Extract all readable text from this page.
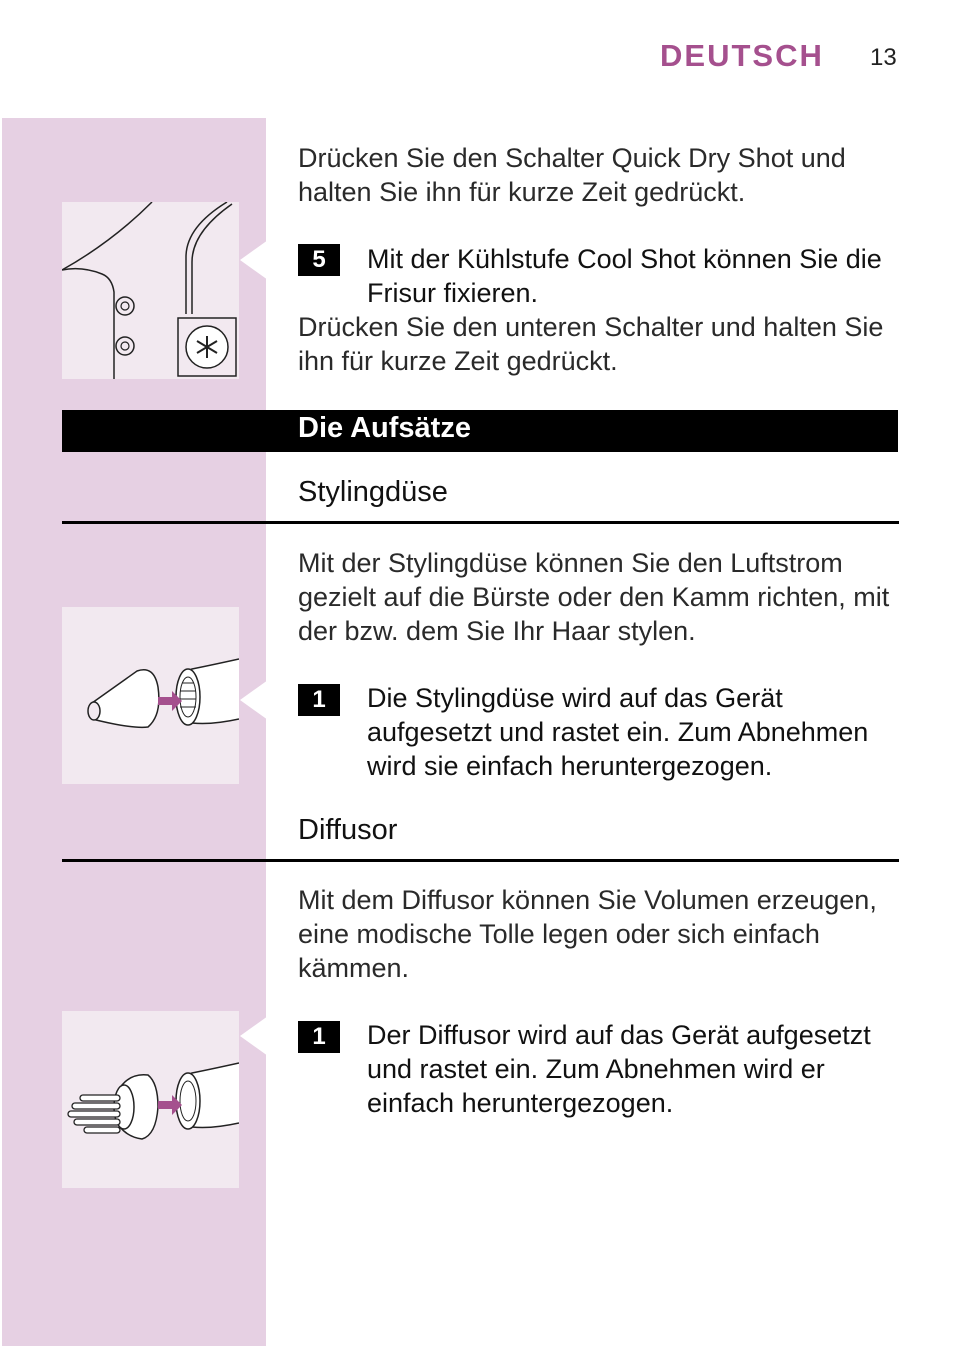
DEUTSCH 13
Drücken Sie den Schalter Quick Dry Shot und halten Sie ihn für kurze Zeit gedrückt.
5	Mit der Kühlstufe Cool Shot können Sie die Frisur fixieren.
Drücken Sie den unteren Schalter und halten Sie ihn für kurze Zeit gedrückt.
Die Aufsätze
Stylingdüse
Mit der Stylingdüse können Sie den Luftstrom gezielt auf die Bürste oder den Kamm richten, mit der bzw. dem Sie Ihr Haar stylen.
1	Die Stylingdüse wird auf das Gerät aufgesetzt und rastet ein. Zum Abnehmen wird sie einfach heruntergezogen.
Diffusor
Mit dem Diffusor können Sie Volumen erzeugen, eine modische Tolle legen oder sich einfach kämmen.
1	Der Diffusor wird auf das Gerät aufgesetzt und rastet ein. Zum Abnehmen wird er einfach heruntergezogen.
